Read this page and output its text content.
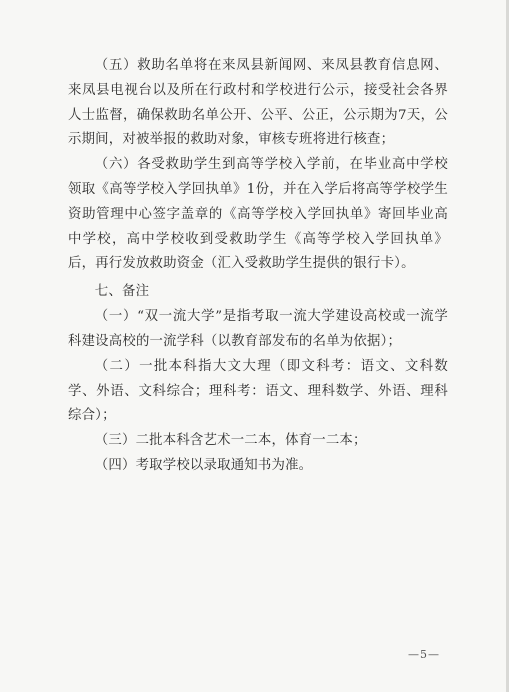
（五）救助名单将在来凤县新闻网、来凤县教育信息网、来凤县电视台以及所在行政村和学校进行公示，接受社会各界人士监督，确保救助名单公开、公平、公正，公示期为7天，公示期间，对被举报的救助对象，审核专班将进行核查；

（六）各受救助学生到高等学校入学前，在毕业高中学校领取《高等学校入学回执单》1份，并在入学后将高等学校学生资助管理中心签字盖章的《高等学校入学回执单》寄回毕业高中学校，高中学校收到受救助学生《高等学校入学回执单》后，再行发放救助资金（汇入受救助学生提供的银行卡）。

七、备注

（一）“双一流大学”是指考取一流大学建设高校或一流学科建设高校的一流学科（以教育部发布的名单为依据）；

（二）一批本科指大文大理（即文科考：语文、文科数学、外语、文科综合；理科考：语文、理科数学、外语、理科综合）；

（三）二批本科含艺术一二本，体育一二本；

（四）考取学校以录取通知书为准。

—5—
